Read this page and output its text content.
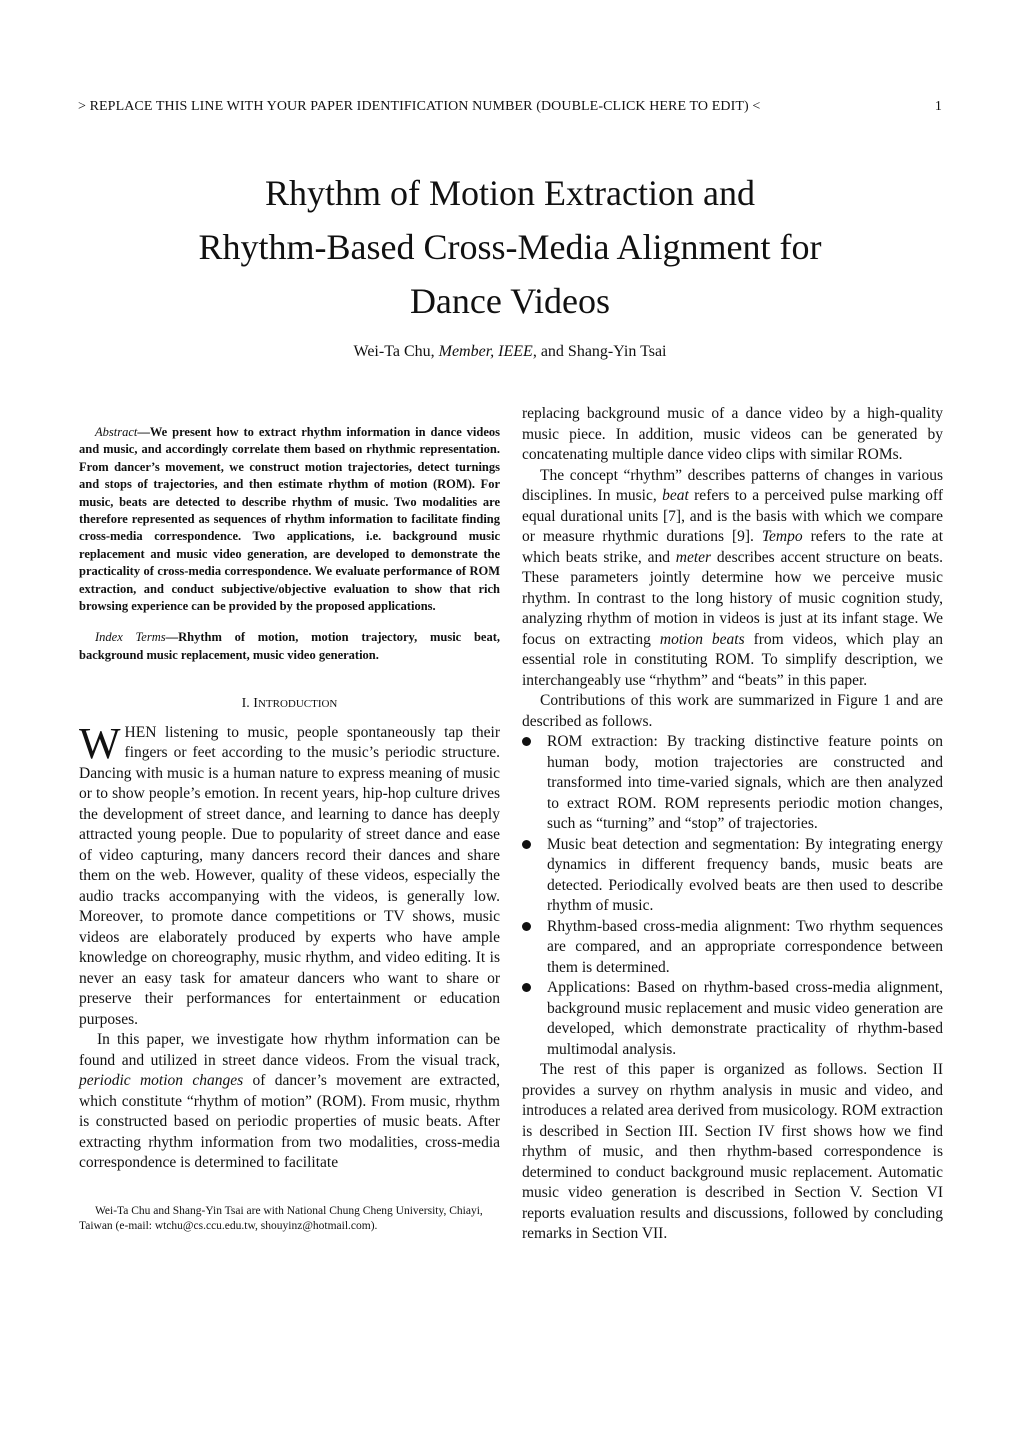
> REPLACE THIS LINE WITH YOUR PAPER IDENTIFICATION NUMBER (DOUBLE-CLICK HERE TO EDIT) <	1
Rhythm of Motion Extraction and
Rhythm-Based Cross-Media Alignment for
Dance Videos
Wei-Ta Chu, Member, IEEE, and Shang-Yin Tsai
Abstract—We present how to extract rhythm information in dance videos and music, and accordingly correlate them based on rhythmic representation. From dancer’s movement, we construct motion trajectories, detect turnings and stops of trajectories, and then estimate rhythm of motion (ROM). For music, beats are detected to describe rhythm of music. Two modalities are therefore represented as sequences of rhythm information to facilitate finding cross-media correspondence. Two applications, i.e. background music replacement and music video generation, are developed to demonstrate the practicality of cross-media correspondence. We evaluate performance of ROM extraction, and conduct subjective/objective evaluation to show that rich browsing experience can be provided by the proposed applications.
Index Terms—Rhythm of motion, motion trajectory, music beat, background music replacement, music video generation.
I. INTRODUCTION

WHEN listening to music, people spontaneously tap their fingers or feet according to the music’s periodic structure. Dancing with music is a human nature to express meaning of music or to show people’s emotion. In recent years, hip-hop culture drives the development of street dance, and learning to dance has deeply attracted young people. Due to popularity of street dance and ease of video capturing, many dancers record their dances and share them on the web. However, quality of these videos, especially the audio tracks accompanying with the videos, is generally low. Moreover, to promote dance competitions or TV shows, music videos are elaborately produced by experts who have ample knowledge on choreography, music rhythm, and video editing. It is never an easy task for amateur dancers who want to share or preserve their performances for entertainment or education purposes.

In this paper, we investigate how rhythm information can be found and utilized in street dance videos. From the visual track, periodic motion changes of dancer’s movement are extracted, which constitute “rhythm of motion” (ROM). From music, rhythm is constructed based on periodic properties of music beats. After extracting rhythm information from two modalities, cross-media correspondence is determined to facilitate

Wei-Ta Chu and Shang-Yin Tsai are with National Chung Cheng University, Chiayi, Taiwan (e-mail: wtchu@cs.ccu.edu.tw, shouyinz@hotmail.com).

replacing background music of a dance video by a high-quality music piece. In addition, music videos can be generated by concatenating multiple dance video clips with similar ROMs.

The concept “rhythm” describes patterns of changes in various disciplines. In music, beat refers to a perceived pulse marking off equal durational units [7], and is the basis with which we compare or measure rhythmic durations [9]. Tempo refers to the rate at which beats strike, and meter describes accent structure on beats. These parameters jointly determine how we perceive music rhythm. In contrast to the long history of music cognition study, analyzing rhythm of motion in videos is just at its infant stage. We focus on extracting motion beats from videos, which play an essential role in constituting ROM. To simplify description, we interchangeably use “rhythm” and “beats” in this paper.

Contributions of this work are summarized in Figure 1 and are described as follows.

ROM extraction: By tracking distinctive feature points on human body, motion trajectories are constructed and transformed into time-varied signals, which are then analyzed to extract ROM. ROM represents periodic motion changes, such as “turning” and “stop” of trajectories.
Music beat detection and segmentation: By integrating energy dynamics in different frequency bands, music beats are detected. Periodically evolved beats are then used to describe rhythm of music.
Rhythm-based cross-media alignment: Two rhythm sequences are compared, and an appropriate correspondence between them is determined.
Applications: Based on rhythm-based cross-media alignment, background music replacement and music video generation are developed, which demonstrate practicality of rhythm-based multimodal analysis.

The rest of this paper is organized as follows. Section II provides a survey on rhythm analysis in music and video, and introduces a related area derived from musicology. ROM extraction is described in Section III. Section IV first shows how we find rhythm of music, and then rhythm-based correspondence is determined to conduct background music replacement. Automatic music video generation is described in Section V. Section VI reports evaluation results and discussions, followed by concluding remarks in Section VII.
